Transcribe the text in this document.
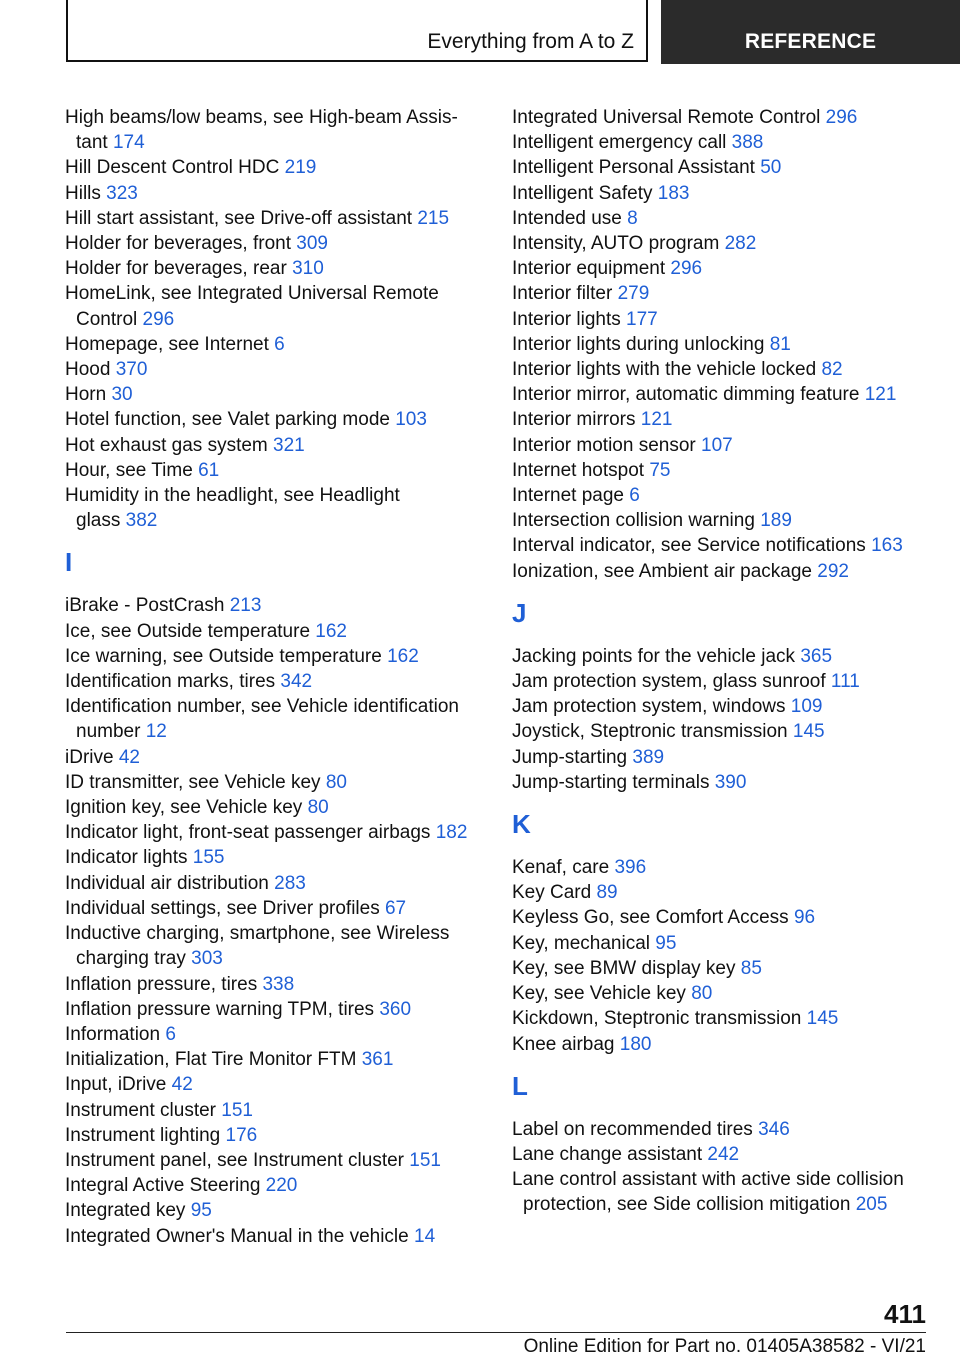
Everything from A to Z	REFERENCE
High beams/low beams, see High-beam Assis-
tant 174
Hill Descent Control HDC 219
Hills 323
Hill start assistant, see Drive-off assistant 215
Holder for beverages, front 309
Holder for beverages, rear 310
HomeLink, see Integrated Universal Remote
Control 296
Homepage, see Internet 6
Hood 370
Horn 30
Hotel function, see Valet parking mode 103
Hot exhaust gas system 321
Hour, see Time 61
Humidity in the headlight, see Headlight
glass 382
I
iBrake - PostCrash 213
Ice, see Outside temperature 162
Ice warning, see Outside temperature 162
Identification marks, tires 342
Identification number, see Vehicle identification
number 12
iDrive 42
ID transmitter, see Vehicle key 80
Ignition key, see Vehicle key 80
Indicator light, front-seat passenger airbags 182
Indicator lights 155
Individual air distribution 283
Individual settings, see Driver profiles 67
Inductive charging, smartphone, see Wireless
charging tray 303
Inflation pressure, tires 338
Inflation pressure warning TPM, tires 360
Information 6
Initialization, Flat Tire Monitor FTM 361
Input, iDrive 42
Instrument cluster 151
Instrument lighting 176
Instrument panel, see Instrument cluster 151
Integral Active Steering 220
Integrated key 95
Integrated Owner's Manual in the vehicle 14
Integrated Universal Remote Control 296
Intelligent emergency call 388
Intelligent Personal Assistant 50
Intelligent Safety 183
Intended use 8
Intensity, AUTO program 282
Interior equipment 296
Interior filter 279
Interior lights 177
Interior lights during unlocking 81
Interior lights with the vehicle locked 82
Interior mirror, automatic dimming feature 121
Interior mirrors 121
Interior motion sensor 107
Internet hotspot 75
Internet page 6
Intersection collision warning 189
Interval indicator, see Service notifications 163
Ionization, see Ambient air package 292
J
Jacking points for the vehicle jack 365
Jam protection system, glass sunroof 111
Jam protection system, windows 109
Joystick, Steptronic transmission 145
Jump-starting 389
Jump-starting terminals 390
K
Kenaf, care 396
Key Card 89
Keyless Go, see Comfort Access 96
Key, mechanical 95
Key, see BMW display key 85
Key, see Vehicle key 80
Kickdown, Steptronic transmission 145
Knee airbag 180
L
Label on recommended tires 346
Lane change assistant 242
Lane control assistant with active side collision
protection, see Side collision mitigation 205
411
Online Edition for Part no. 01405A38582 - VI/21
